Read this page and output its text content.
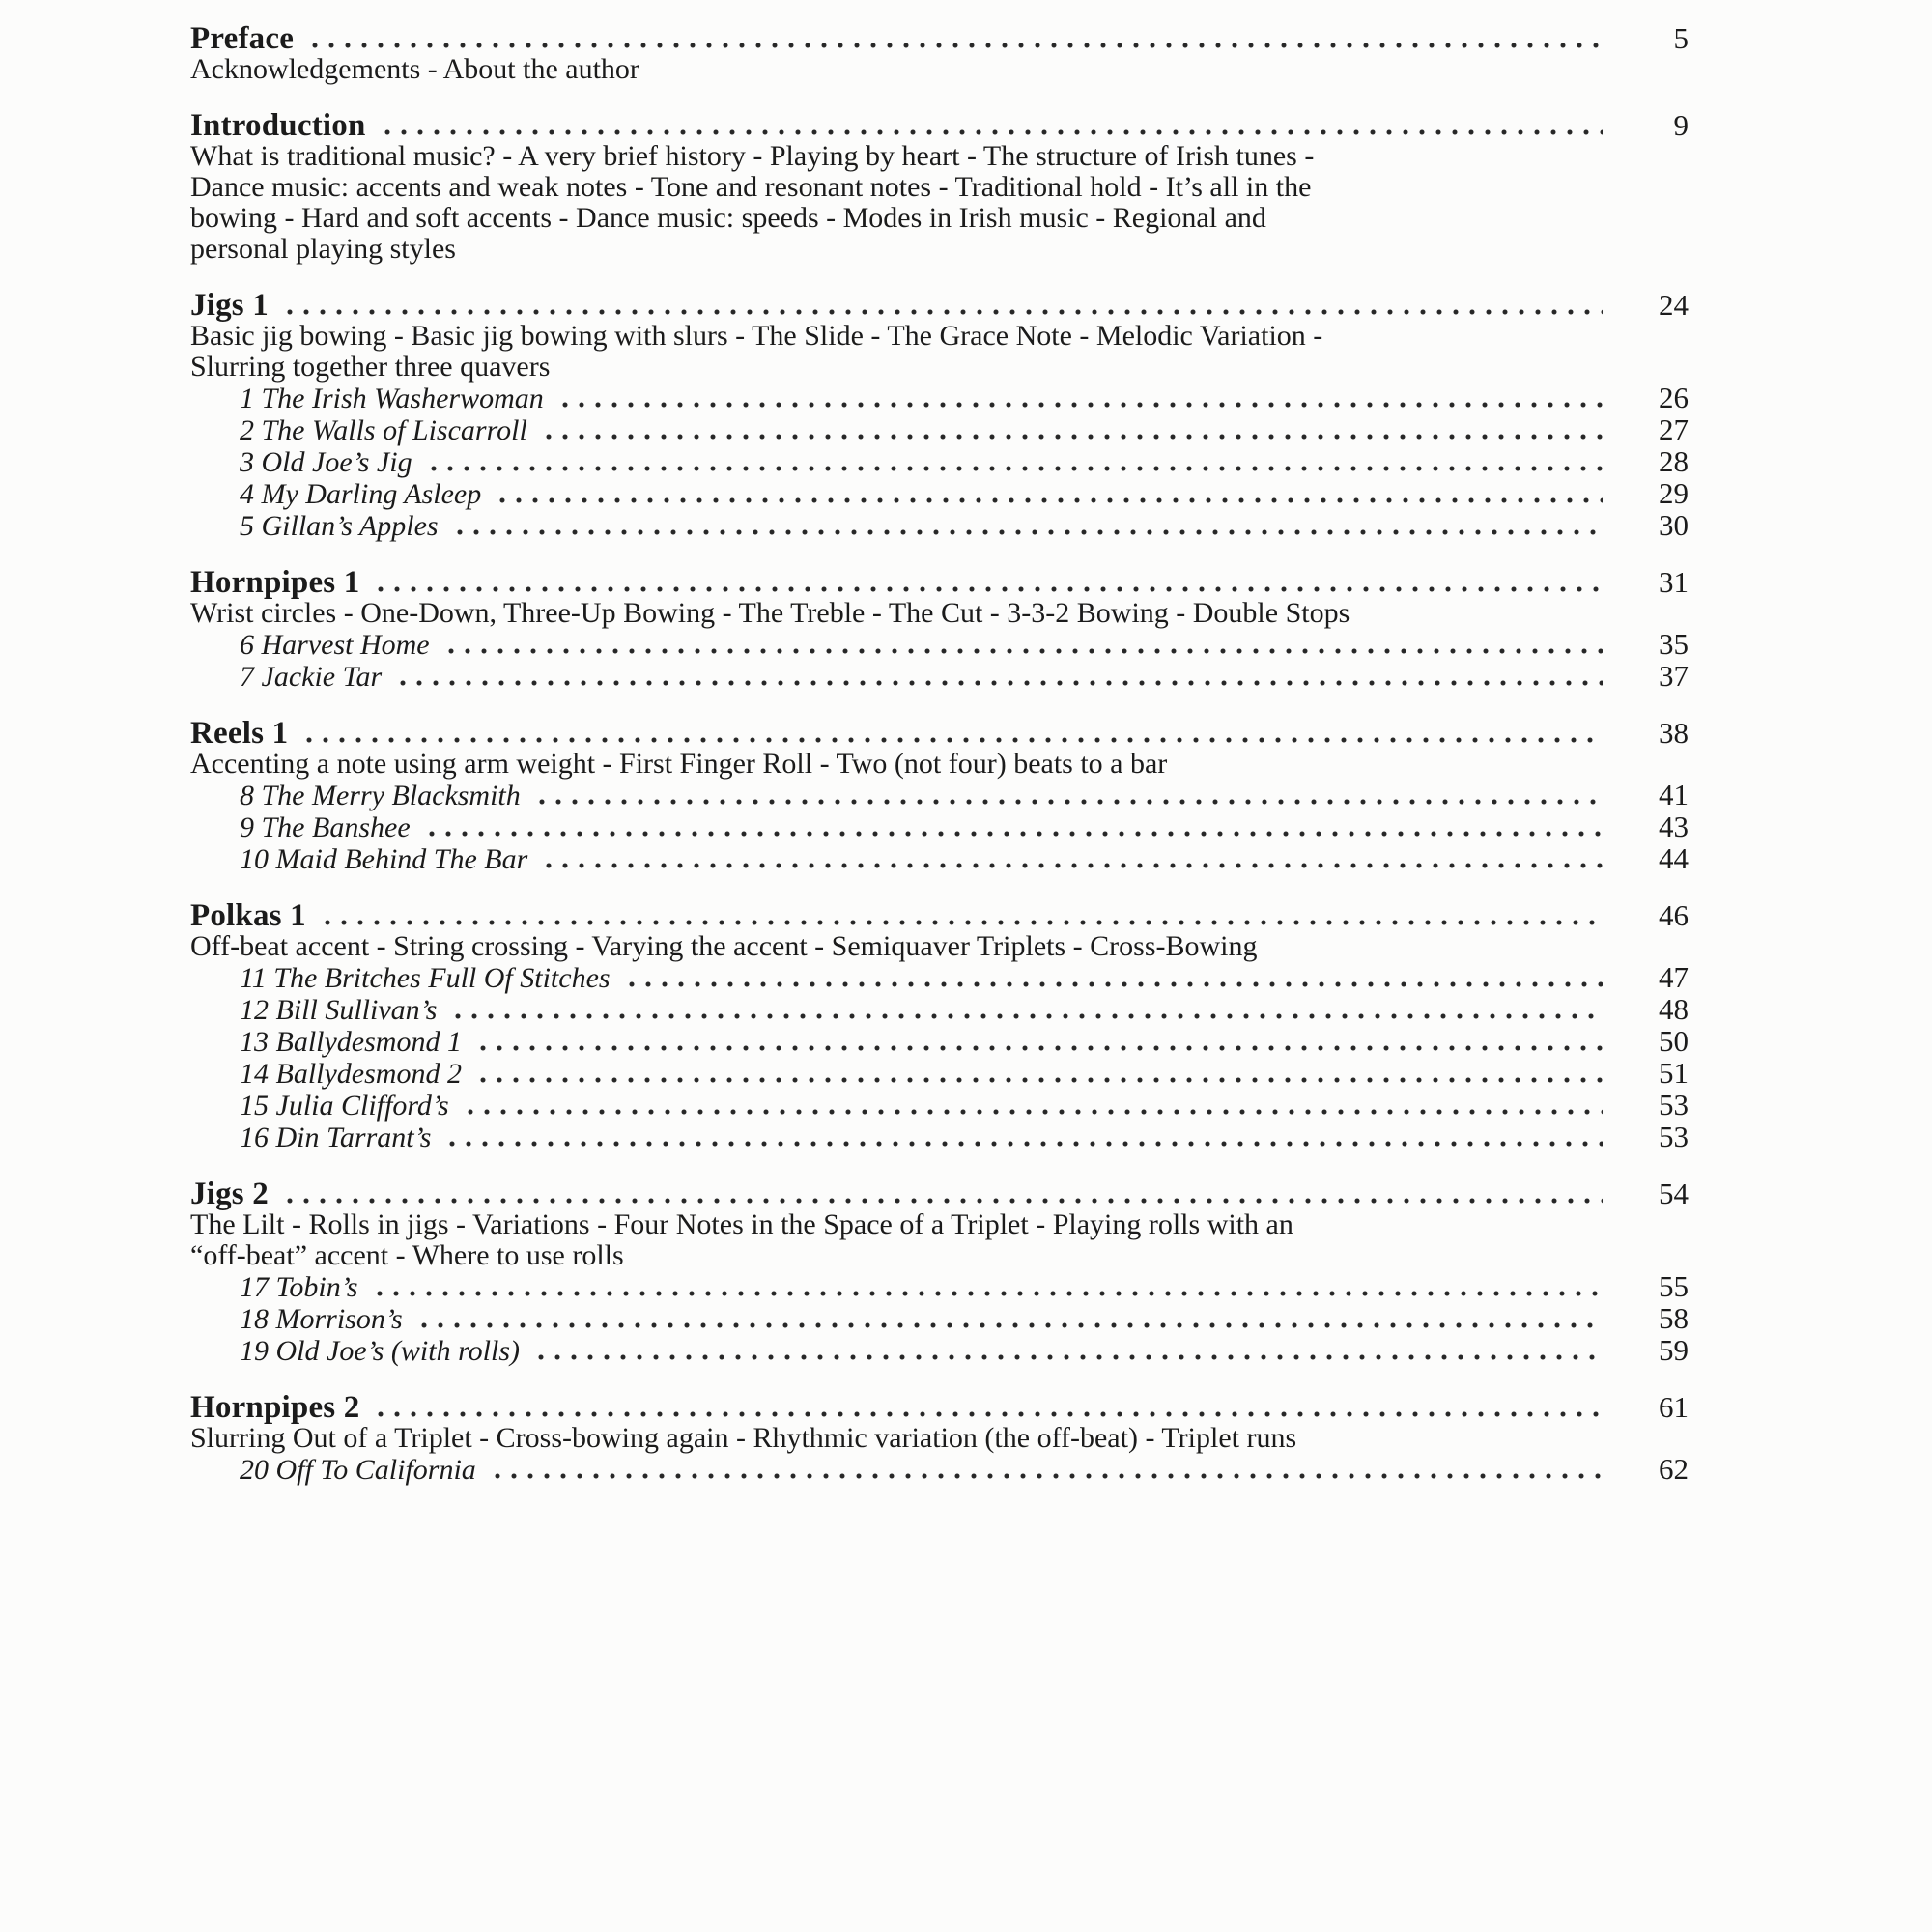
Preface	5
Acknowledgements - About the author
Introduction	9
What is traditional music? - A very brief history - Playing by heart - The structure of Irish tunes -
Dance music: accents and weak notes - Tone and resonant notes - Traditional hold - It’s all in the
bowing - Hard and soft accents - Dance music: speeds - Modes in Irish music - Regional and
personal playing styles
Jigs 1	24
Basic jig bowing - Basic jig bowing with slurs - The Slide - The Grace Note - Melodic Variation -
Slurring together three quavers
1 The Irish Washerwoman	26
2 The Walls of Liscarroll	27
3 Old Joe’s Jig	28
4 My Darling Asleep	29
5 Gillan’s Apples	30
Hornpipes 1	31
Wrist circles - One-Down, Three-Up Bowing - The Treble - The Cut - 3-3-2 Bowing - Double Stops
6 Harvest Home	35
7 Jackie Tar	37
Reels 1	38
Accenting a note using arm weight - First Finger Roll - Two (not four) beats to a bar
8 The Merry Blacksmith	41
9 The Banshee	43
10 Maid Behind The Bar	44
Polkas 1	46
Off-beat accent - String crossing - Varying the accent - Semiquaver Triplets - Cross-Bowing
11 The Britches Full Of Stitches	47
12 Bill Sullivan’s	48
13 Ballydesmond 1	50
14 Ballydesmond 2	51
15 Julia Clifford’s	53
16 Din Tarrant’s	53
Jigs 2	54
The Lilt - Rolls in jigs - Variations - Four Notes in the Space of a Triplet - Playing rolls with an
“off-beat” accent - Where to use rolls
17 Tobin’s	55
18 Morrison’s	58
19 Old Joe’s (with rolls)	59
Hornpipes 2	61
Slurring Out of a Triplet - Cross-bowing again - Rhythmic variation (the off-beat) - Triplet runs
20 Off To California	62
